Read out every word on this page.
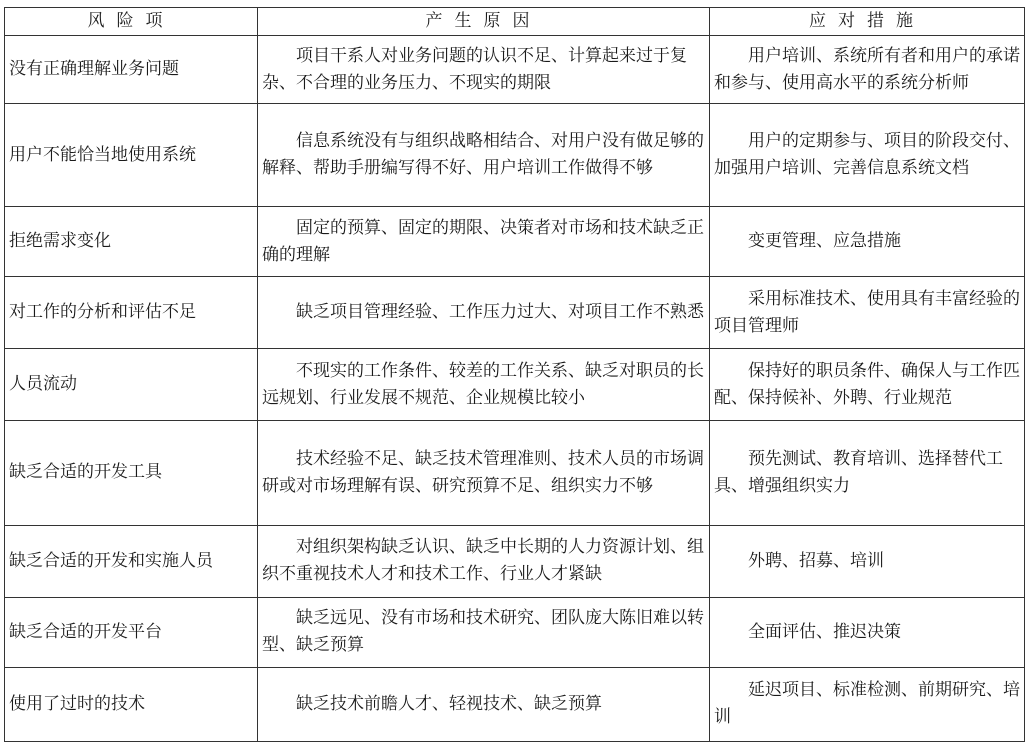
风险项	产生原因	应对措施
没有正确理解业务问题	项目干系人对业务问题的认识不足、计算起来过于复杂、不合理的业务压力、不现实的期限	用户培训、系统所有者和用户的承诺和参与、使用高水平的系统分析师

用户不能恰当地使用系统	信息系统没有与组织战略相结合、对用户没有做足够的解释、帮助手册编写得不好、用户培训工作做得不够	用户的定期参与、项目的阶段交付、加强用户培训、完善信息系统文档

拒绝需求变化	固定的预算、固定的期限、决策者对市场和技术缺乏正确的理解	变更管理、应急措施

对工作的分析和评估不足	缺乏项目管理经验、工作压力过大、对项目工作不熟悉	采用标准技术、使用具有丰富经验的项目管理师

人员流动	不现实的工作条件、较差的工作关系、缺乏对职员的长远规划、行业发展不规范、企业规模比较小	保持好的职员条件、确保人与工作匹配、保持候补、外聘、行业规范

缺乏合适的开发工具	技术经验不足、缺乏技术管理准则、技术人员的市场调研或对市场理解有误、研究预算不足、组织实力不够	预先测试、教育培训、选择替代工具、增强组织实力

缺乏合适的开发和实施人员	对组织架构缺乏认识、缺乏中长期的人力资源计划、组织不重视技术人才和技术工作、行业人才紧缺	外聘、招募、培训

缺乏合适的开发平台	缺乏远见、没有市场和技术研究、团队庞大陈旧难以转型、缺乏预算	全面评估、推迟决策

使用了过时的技术	缺乏技术前瞻人才、轻视技术、缺乏预算	延迟项目、标准检测、前期研究、培训
